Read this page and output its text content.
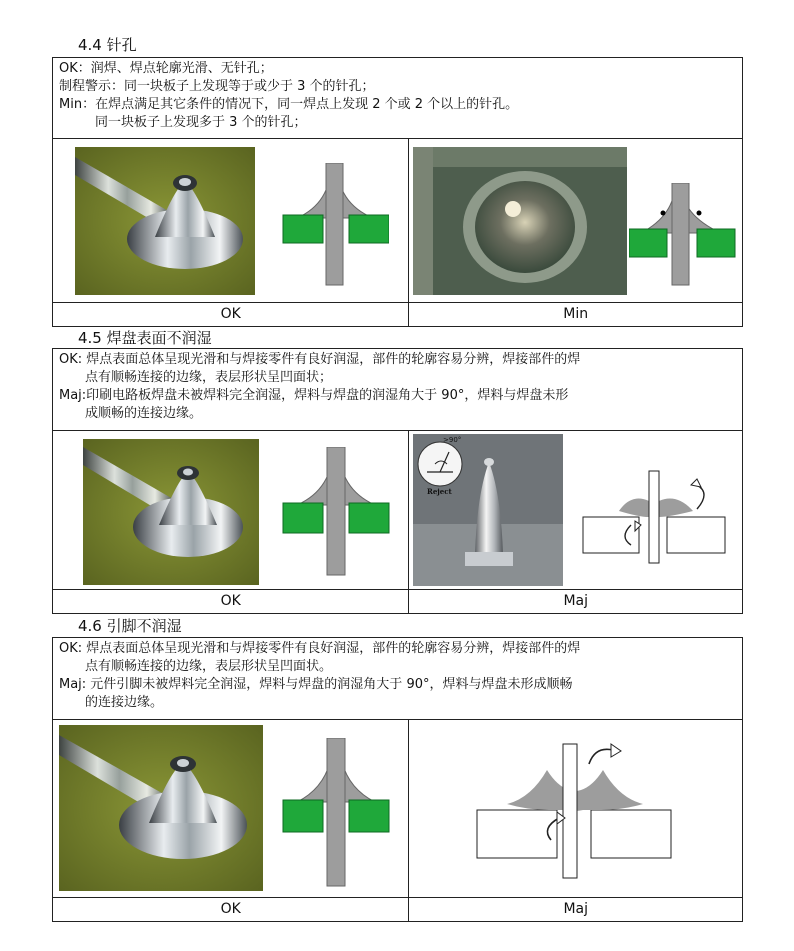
4.4 针孔

OK：润焊、焊点轮廓光滑、无针孔；

制程警示：同一块板子上发现等于或少于 3 个的针孔；

Min：在焊点满足其它条件的情况下，同一焊点上发现 2 个或 2 个以上的针孔。

同一块板子上发现多于 3 个的针孔；

OK	Min
4.5 焊盘表面不润湿

OK: 焊点表面总体呈现光滑和与焊接零件有良好润湿，部件的轮廓容易分辨，焊接部件的焊

点有顺畅连接的边缘，表层形状呈凹面状；

Maj:印刷电路板焊盘未被焊料完全润湿，焊料与焊盘的润湿角大于 90°，焊料与焊盘未形

成顺畅的连接边缘。

>90°
Reject
OK	Maj
4.6 引脚不润湿

OK: 焊点表面总体呈现光滑和与焊接零件有良好润湿，部件的轮廓容易分辨，焊接部件的焊

点有顺畅连接的边缘，表层形状呈凹面状。

Maj: 元件引脚未被焊料完全润湿，焊料与焊盘的润湿角大于 90°，焊料与焊盘未形成顺畅

的连接边缘。

OK	Maj
